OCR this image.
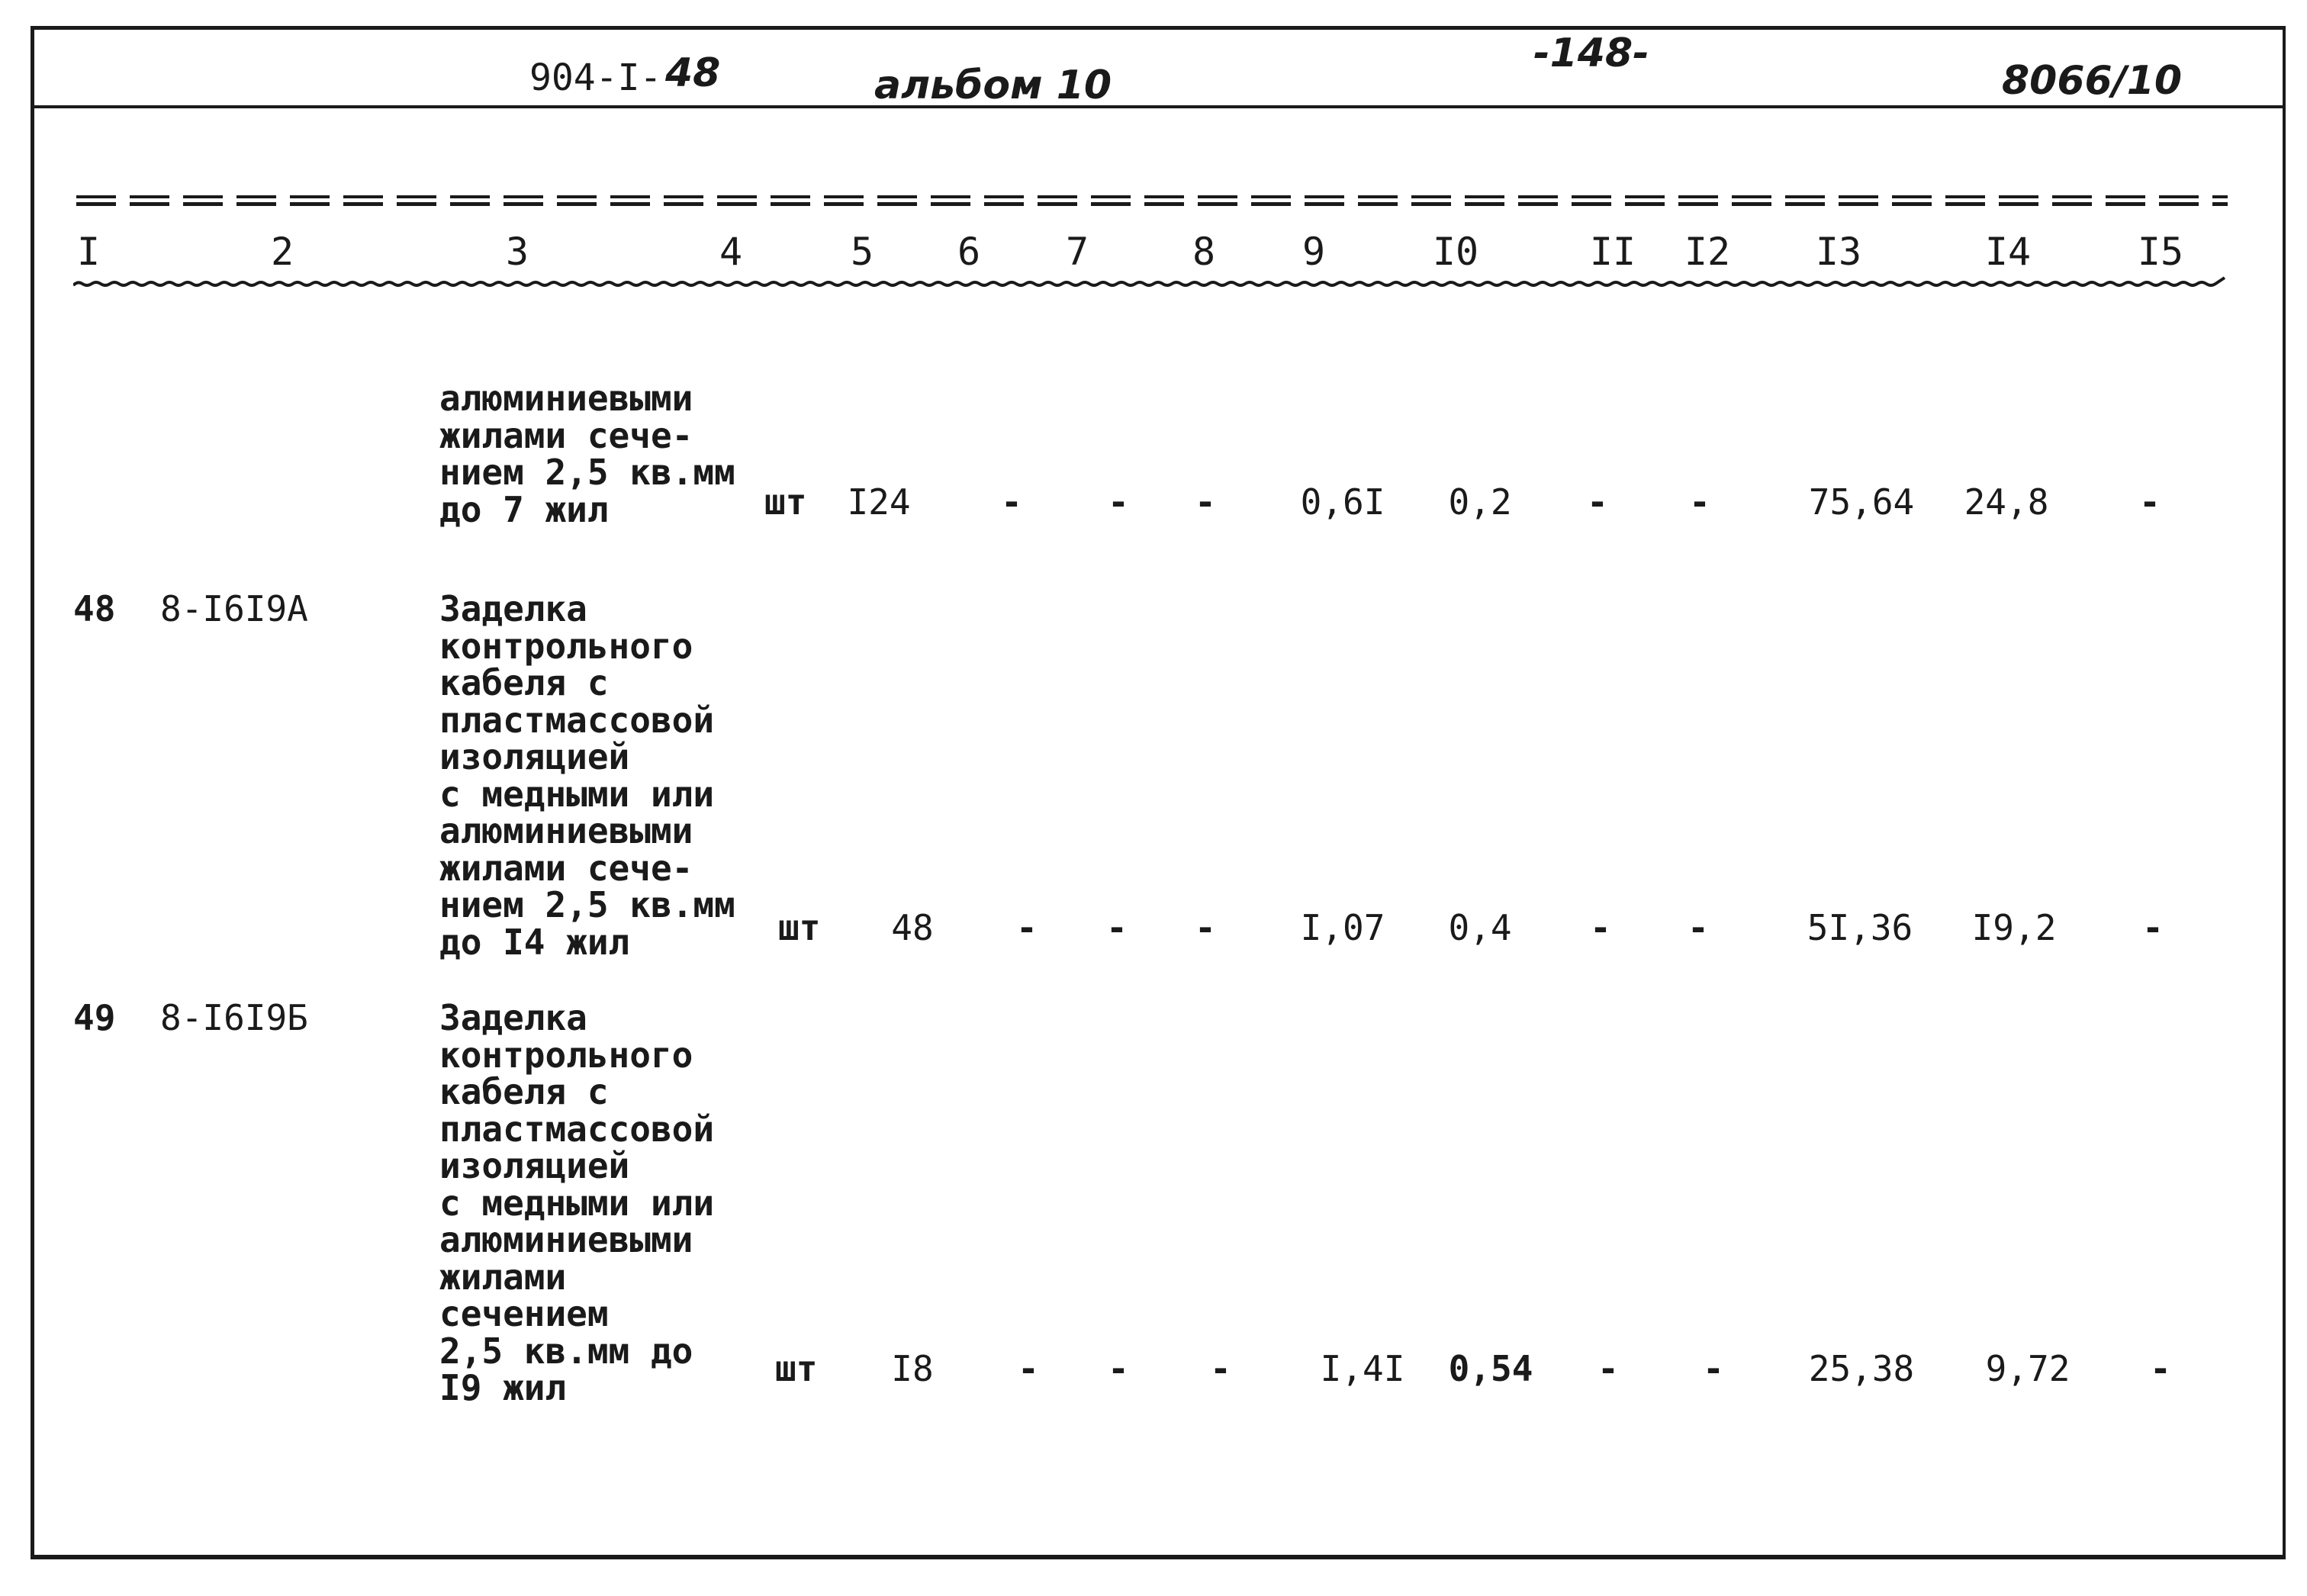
904-I- 48	альбом 10
-148-
8066/10
I	2	3	4	5 6 7	8 9	I0	II I2 I3	I4	I5
алюминиевыми
жилами сече-
нием 2,5 кв.мм
до 7 жил	шт I24	- - - 0,6I 0,2 - -	75,64 24,8	-
48 8-I6I9А	Заделка
контрольного
кабеля с
пластмассовой
изоляцией
с медными или
алюминиевыми
жилами сече-
нием 2,5 кв.мм
до I4 жил	шт 48 - - - I,07 0,4 - -	5I,36 I9,2 -
49 8-I6I9Б	Заделка
контрольного
кабеля с
пластмассовой
изоляцией
с медными или
алюминиевыми
жилами
сечением
2,5 кв.мм до
I9 жил	шт I8 - - -	I,4I 0,54 - - 25,38 9,72 -
